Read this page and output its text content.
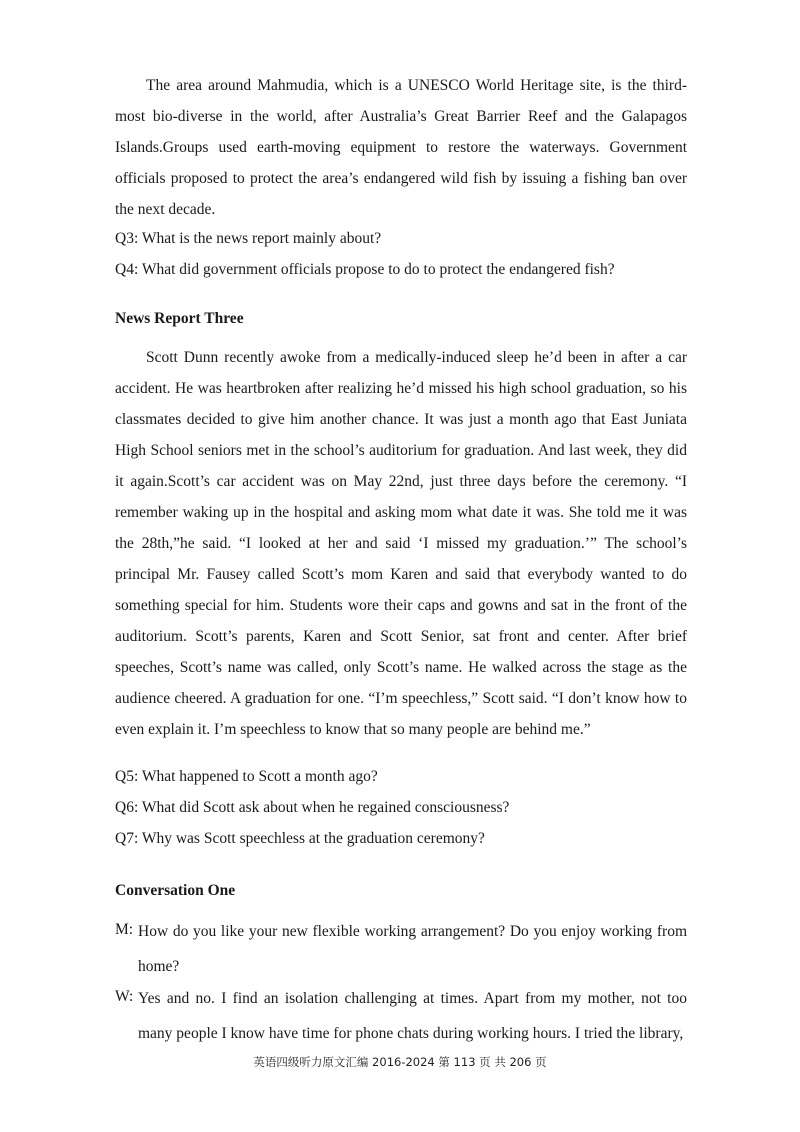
The area around Mahmudia, which is a UNESCO World Heritage site, is the third-most bio-diverse in the world, after Australia’s Great Barrier Reef and the Galapagos Islands.Groups used earth-moving equipment to restore the waterways. Government officials proposed to protect the area’s endangered wild fish by issuing a fishing ban over the next decade.

Q3: What is the news report mainly about?
Q4: What did government officials propose to do to protect the endangered fish?
News Report Three

Scott Dunn recently awoke from a medically-induced sleep he’d been in after a car accident. He was heartbroken after realizing he’d missed his high school graduation, so his classmates decided to give him another chance. It was just a month ago that East Juniata High School seniors met in the school’s auditorium for graduation. And last week, they did it again.Scott’s car accident was on May 22nd, just three days before the ceremony. “I remember waking up in the hospital and asking mom what date it was. She told me it was the 28th,”he said. “I looked at her and said ‘I missed my graduation.’” The school’s principal Mr. Fausey called Scott’s mom Karen and said that everybody wanted to do something special for him. Students wore their caps and gowns and sat in the front of the auditorium. Scott’s parents, Karen and Scott Senior, sat front and center. After brief speeches, Scott’s name was called, only Scott’s name. He walked across the stage as the audience cheered. A graduation for one. “I’m speechless,” Scott said. “I don’t know how to even explain it. I’m speechless to know that so many people are behind me.”

Q5: What happened to Scott a month ago?
Q6: What did Scott ask about when he regained consciousness?
Q7: Why was Scott speechless at the graduation ceremony?
Conversation One
M: How do you like your new flexible working arrangement? Do you enjoy working from home?

W: Yes and no. I find an isolation challenging at times. Apart from my mother, not too many people I know have time for phone chats during working hours. I tried the library,

英语四级听力原文汇编 2016-2024 第 113 页 共 206 页
